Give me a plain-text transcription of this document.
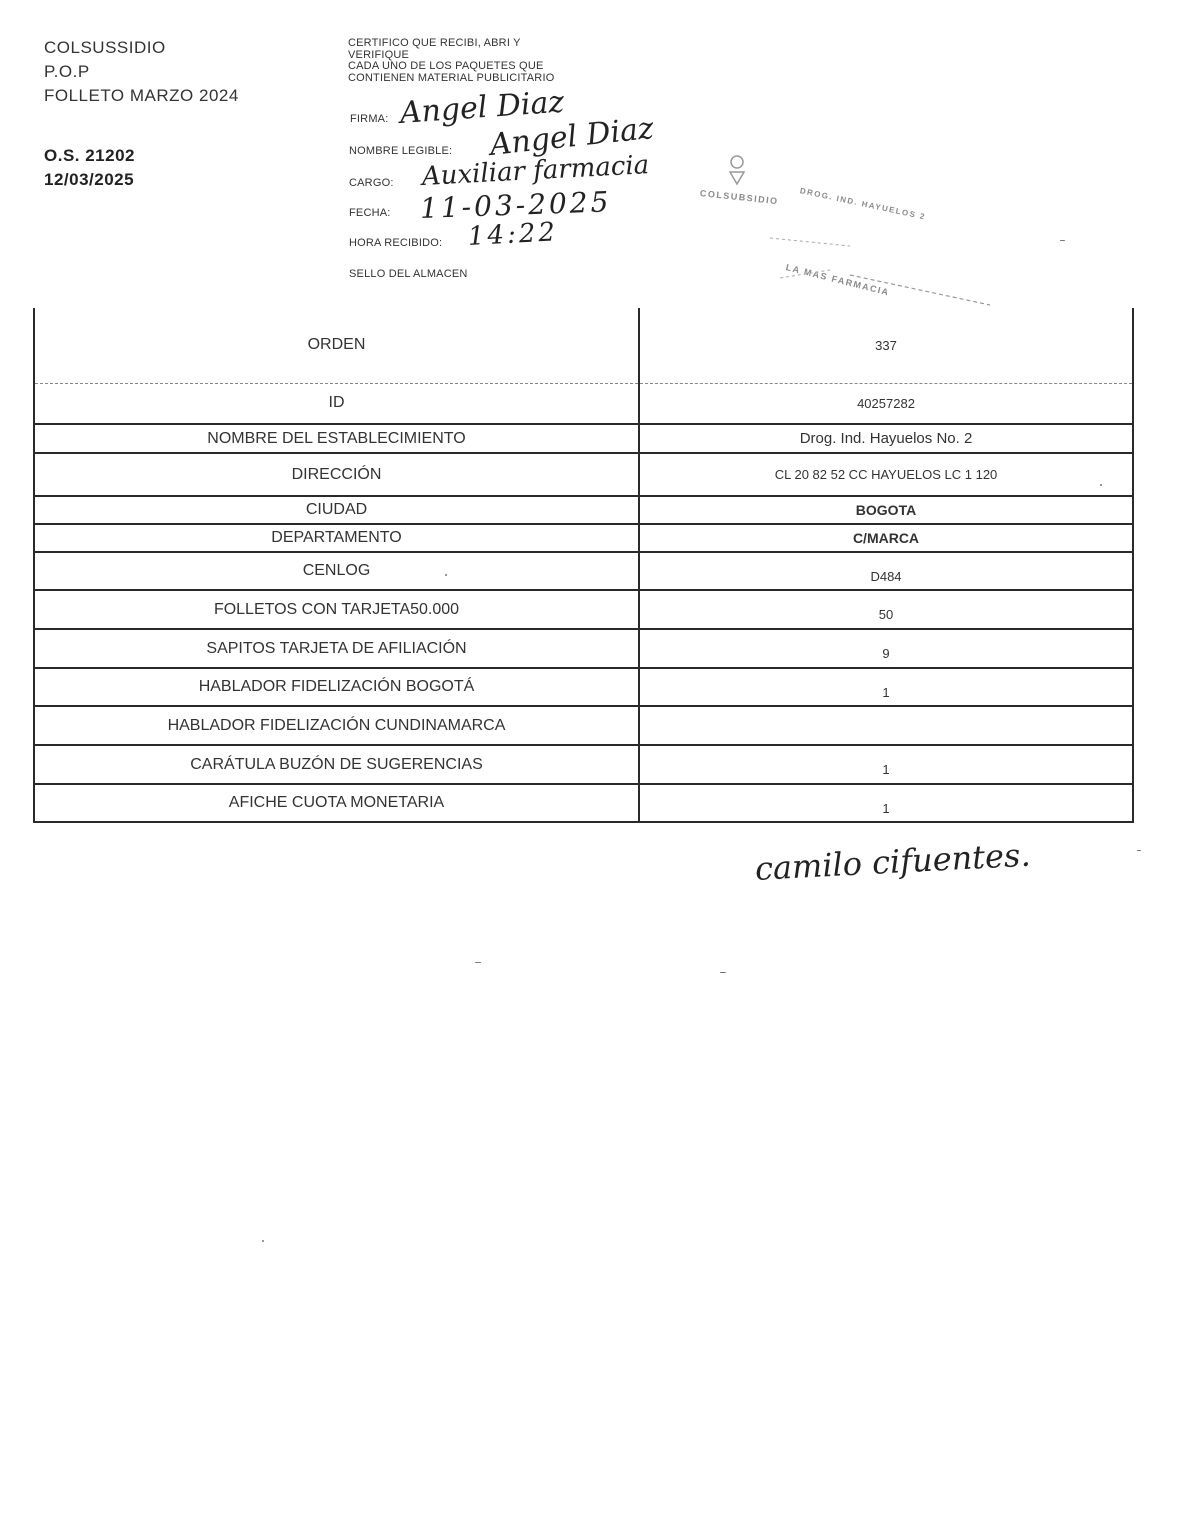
COLSUSSIDIO
P.O.P
FOLLETO MARZO 2024
O.S. 21202
12/03/2025
CERTIFICO QUE RECIBI, ABRI Y
VERIFIQUE
CADA UNO DE LOS PAQUETES QUE
CONTIENEN MATERIAL PUBLICITARIO
FIRMA: Angel Diaz
NOMBRE LEGIBLE: Angel Diaz
CARGO: Auxiliar farmacia
FECHA: 11-03-2025
HORA RECIBIDO: 14:22
SELLO DEL ALMACEN
COLSUBSIDIO DROG. IND. HAYUELOS 2
LA MAS FARMACIA
ORDEN	337
ID	40257282
NOMBRE DEL ESTABLECIMIENTO	Drog. Ind. Hayuelos No. 2
DIRECCIÓN	CL 20 82 52 CC HAYUELOS LC 1 120
CIUDAD	BOGOTA
DEPARTAMENTO	C/MARCA
CENLOG	D484
FOLLETOS CON TARJETA50.000	50
SAPITOS TARJETA DE AFILIACIÓN	9
HABLADOR FIDELIZACIÓN BOGOTÁ	1
HABLADOR FIDELIZACIÓN CUNDINAMARCA	
CARÁTULA BUZÓN DE SUGERENCIAS	1
AFICHE CUOTA MONETARIA	1
camilo cifuentes.
